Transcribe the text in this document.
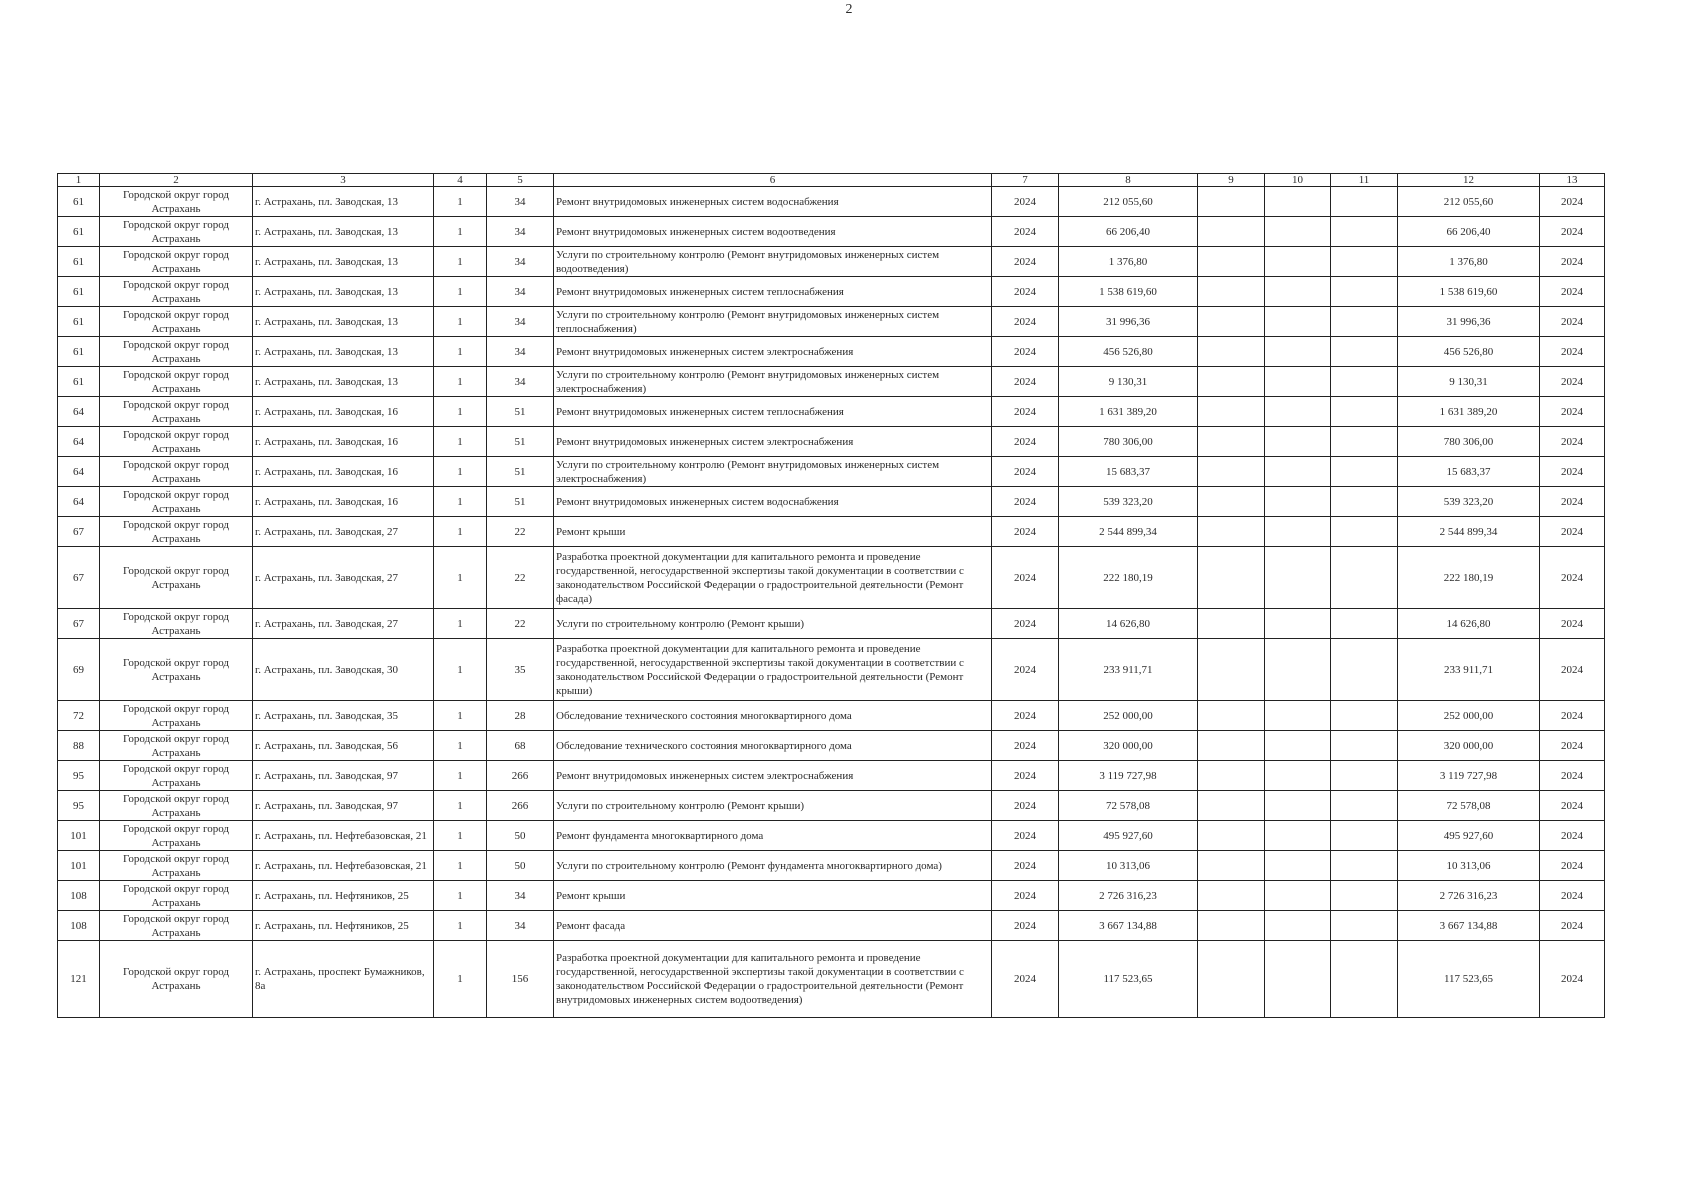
2
1	2	3	4	5	6	7	8	9	10	11	12	13
61	Городской округ город Астрахань	г. Астрахань, пл. Заводская, 13	1	34	Ремонт внутридомовых инженерных систем водоснабжения	2024	212 055,60				212 055,60	2024
61	Городской округ город Астрахань	г. Астрахань, пл. Заводская, 13	1	34	Ремонт внутридомовых инженерных систем водоотведения	2024	66 206,40				66 206,40	2024
61	Городской округ город Астрахань	г. Астрахань, пл. Заводская, 13	1	34	Услуги по строительному контролю (Ремонт внутридомовых инженерных систем водоотведения)	2024	1 376,80				1 376,80	2024
61	Городской округ город Астрахань	г. Астрахань, пл. Заводская, 13	1	34	Ремонт внутридомовых инженерных систем теплоснабжения	2024	1 538 619,60				1 538 619,60	2024
61	Городской округ город Астрахань	г. Астрахань, пл. Заводская, 13	1	34	Услуги по строительному контролю (Ремонт внутридомовых инженерных систем теплоснабжения)	2024	31 996,36				31 996,36	2024
61	Городской округ город Астрахань	г. Астрахань, пл. Заводская, 13	1	34	Ремонт внутридомовых инженерных систем электроснабжения	2024	456 526,80				456 526,80	2024
61	Городской округ город Астрахань	г. Астрахань, пл. Заводская, 13	1	34	Услуги по строительному контролю (Ремонт внутридомовых инженерных систем электроснабжения)	2024	9 130,31				9 130,31	2024
64	Городской округ город Астрахань	г. Астрахань, пл. Заводская, 16	1	51	Ремонт внутридомовых инженерных систем теплоснабжения	2024	1 631 389,20				1 631 389,20	2024
64	Городской округ город Астрахань	г. Астрахань, пл. Заводская, 16	1	51	Ремонт внутридомовых инженерных систем электроснабжения	2024	780 306,00				780 306,00	2024
64	Городской округ город Астрахань	г. Астрахань, пл. Заводская, 16	1	51	Услуги по строительному контролю (Ремонт внутридомовых инженерных систем электроснабжения)	2024	15 683,37				15 683,37	2024
64	Городской округ город Астрахань	г. Астрахань, пл. Заводская, 16	1	51	Ремонт внутридомовых инженерных систем водоснабжения	2024	539 323,20				539 323,20	2024
67	Городской округ город Астрахань	г. Астрахань, пл. Заводская, 27	1	22	Ремонт крыши	2024	2 544 899,34				2 544 899,34	2024
67	Городской округ город Астрахань	г. Астрахань, пл. Заводская, 27	1	22	Разработка проектной документации для капитального ремонта и проведение государственной, негосударственной экспертизы такой документации в соответствии с законодательством Российской Федерации о градостроительной деятельности (Ремонт фасада)	2024	222 180,19				222 180,19	2024
67	Городской округ город Астрахань	г. Астрахань, пл. Заводская, 27	1	22	Услуги по строительному контролю (Ремонт крыши)	2024	14 626,80				14 626,80	2024
69	Городской округ город Астрахань	г. Астрахань, пл. Заводская, 30	1	35	Разработка проектной документации для капитального ремонта и проведение государственной, негосударственной экспертизы такой документации в соответствии с законодательством Российской Федерации о градостроительной деятельности (Ремонт крыши)	2024	233 911,71				233 911,71	2024
72	Городской округ город Астрахань	г. Астрахань, пл. Заводская, 35	1	28	Обследование технического состояния многоквартирного дома	2024	252 000,00				252 000,00	2024
88	Городской округ город Астрахань	г. Астрахань, пл. Заводская, 56	1	68	Обследование технического состояния многоквартирного дома	2024	320 000,00				320 000,00	2024
95	Городской округ город Астрахань	г. Астрахань, пл. Заводская, 97	1	266	Ремонт внутридомовых инженерных систем электроснабжения	2024	3 119 727,98				3 119 727,98	2024
95	Городской округ город Астрахань	г. Астрахань, пл. Заводская, 97	1	266	Услуги по строительному контролю (Ремонт крыши)	2024	72 578,08				72 578,08	2024
101	Городской округ город Астрахань	г. Астрахань, пл. Нефтебазовская, 21	1	50	Ремонт фундамента многоквартирного дома	2024	495 927,60				495 927,60	2024
101	Городской округ город Астрахань	г. Астрахань, пл. Нефтебазовская, 21	1	50	Услуги по строительному контролю (Ремонт фундамента многоквартирного дома)	2024	10 313,06				10 313,06	2024
108	Городской округ город Астрахань	г. Астрахань, пл. Нефтяников, 25	1	34	Ремонт крыши	2024	2 726 316,23				2 726 316,23	2024
108	Городской округ город Астрахань	г. Астрахань, пл. Нефтяников, 25	1	34	Ремонт фасада	2024	3 667 134,88				3 667 134,88	2024
121	Городской округ город Астрахань	г. Астрахань, проспект Бумажников, 8а	1	156	Разработка проектной документации для капитального ремонта и проведение государственной, негосударственной экспертизы такой документации в соответствии с законодательством Российской Федерации о градостроительной деятельности (Ремонт внутридомовых инженерных систем водоотведения)	2024	117 523,65				117 523,65	2024
